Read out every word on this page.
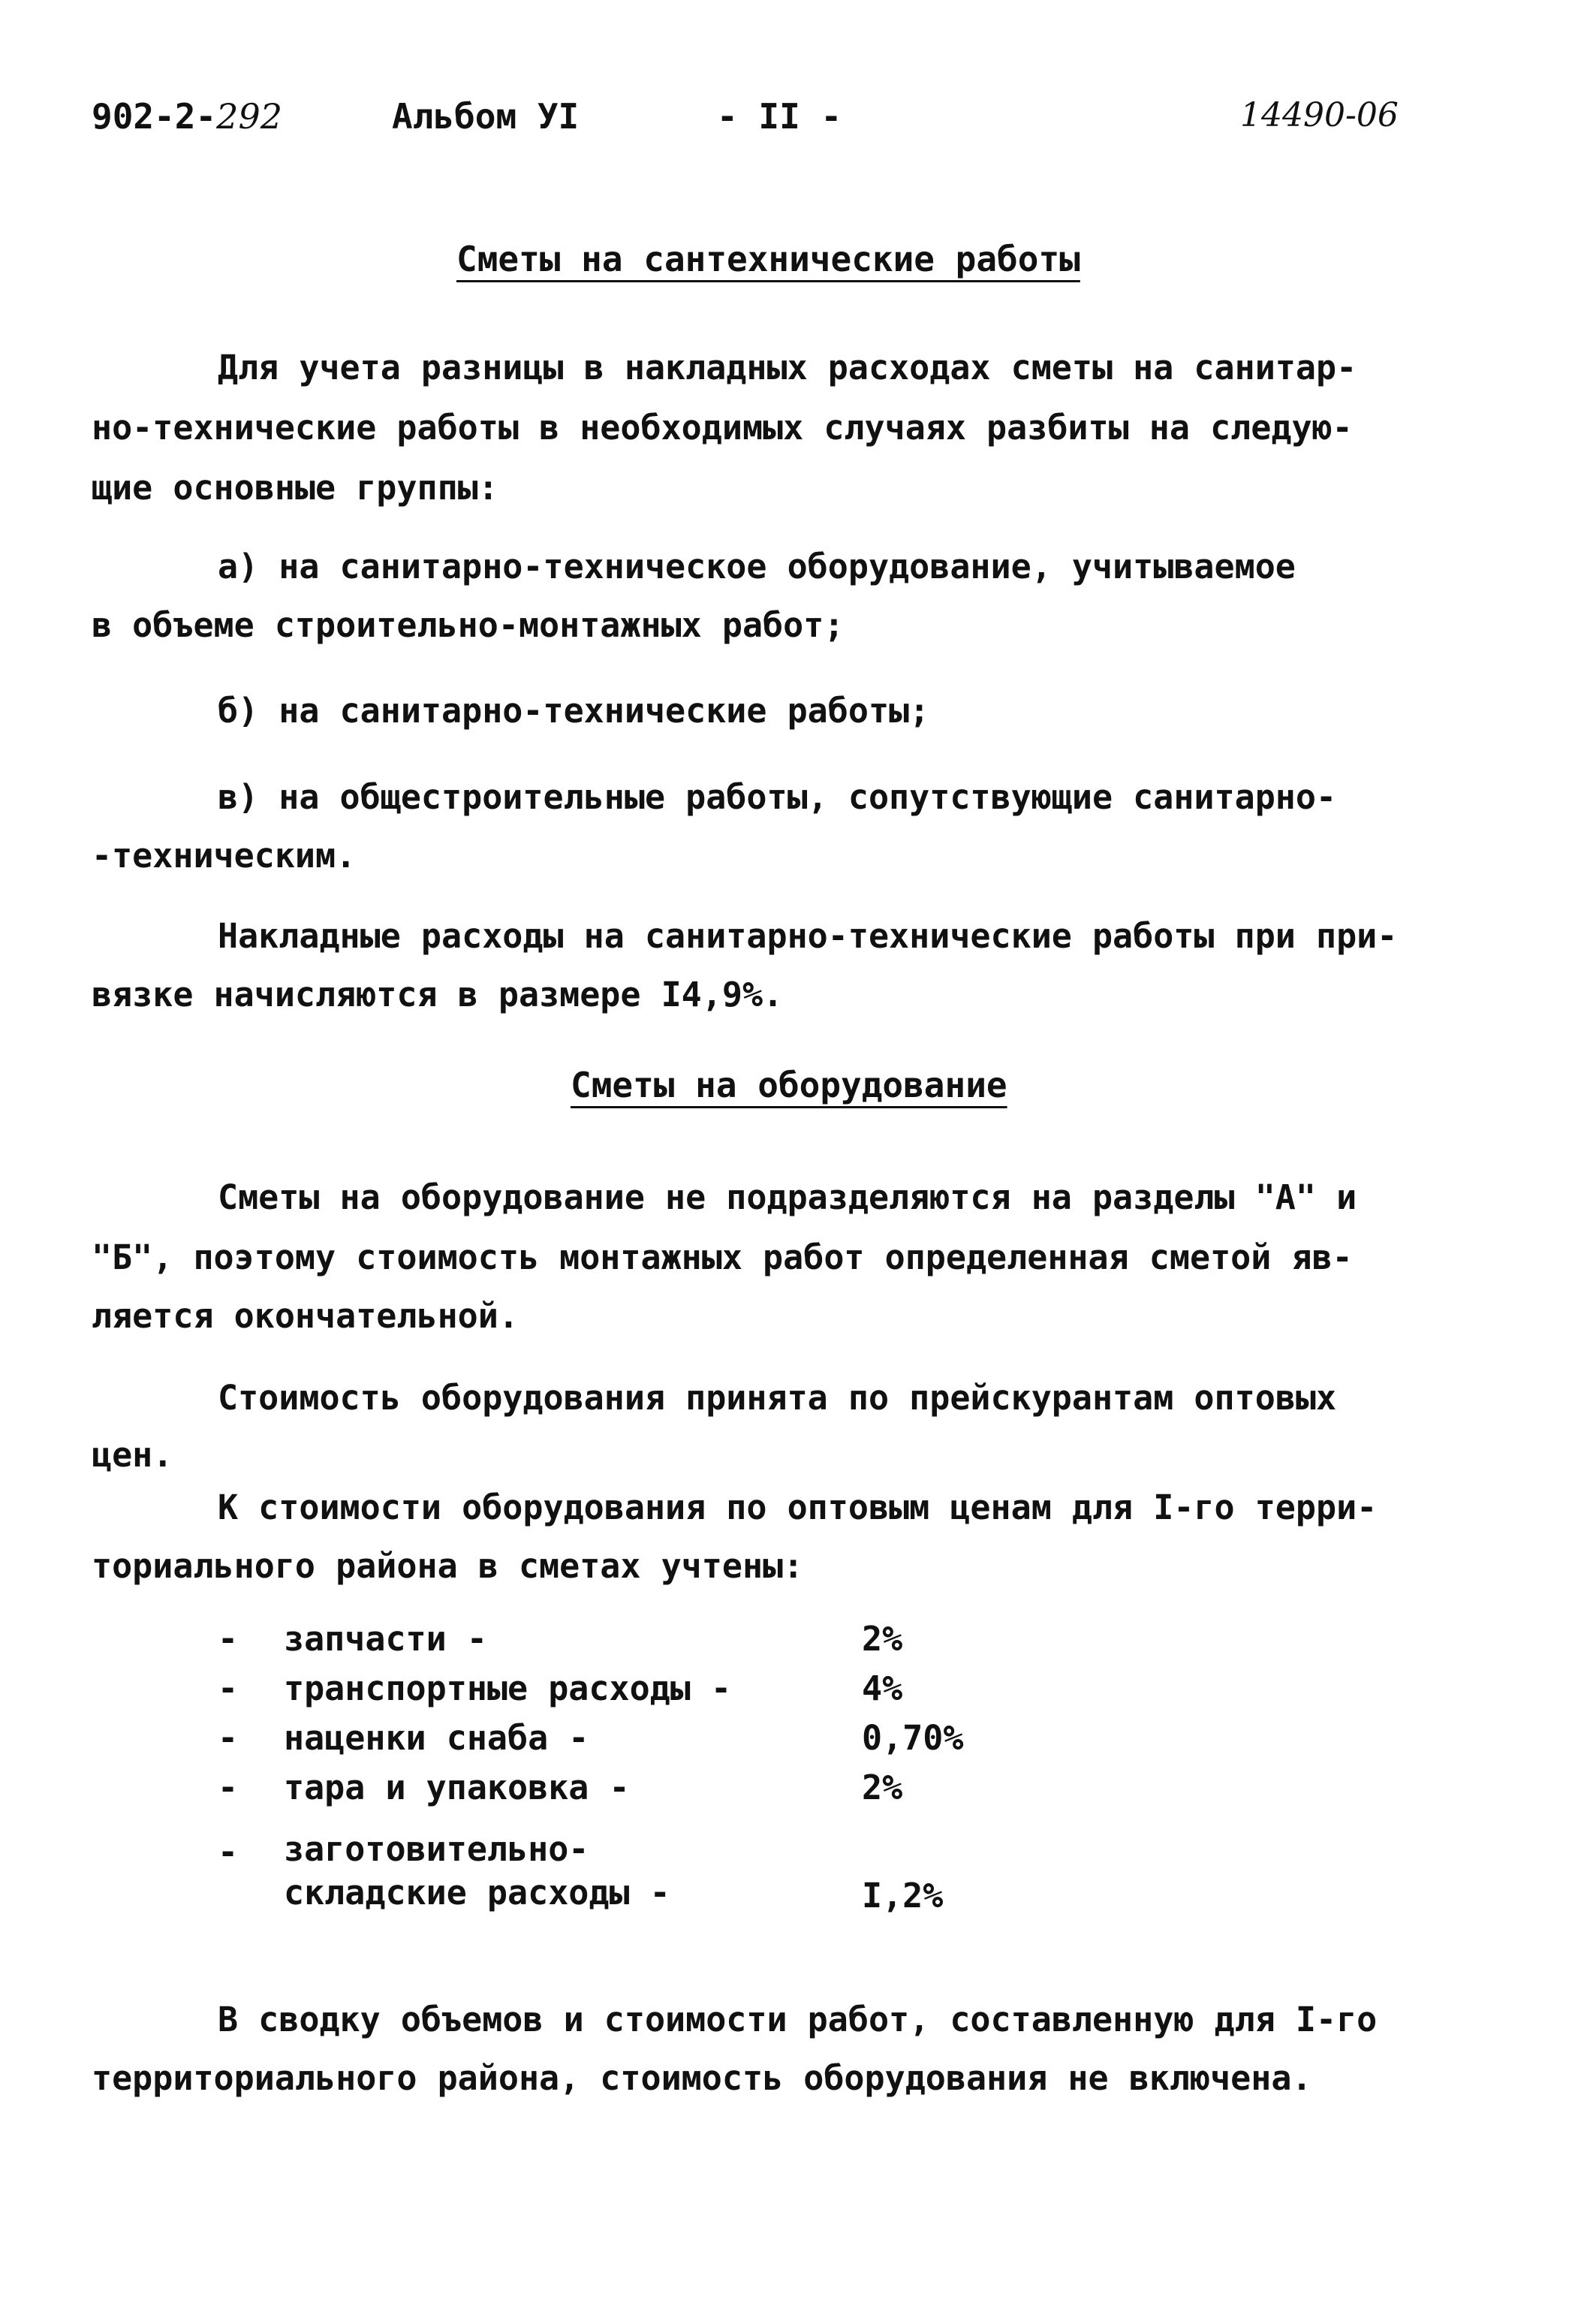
902-2-292	Альбом УI	- II -	14490-06
Сметы на сантехнические работы
Для учета разницы в накладных расходах сметы на санитар-
но-технические работы в необходимых случаях разбиты на следую-
щие основные группы:
а) на санитарно-техническое оборудование, учитываемое
в объеме строительно-монтажных работ;
б) на санитарно-технические работы;
в) на общестроительные работы, сопутствующие санитарно-
-техническим.
Накладные расходы на санитарно-технические работы при при-
вязке начисляются в размере I4,9%.
Сметы на оборудование
Сметы на оборудование не подразделяются на разделы "А" и
"Б", поэтому стоимость монтажных работ определенная сметой яв-
ляется окончательной.
Стоимость оборудования принята по прейскурантам оптовых
цен.
К стоимости оборудования по оптовым ценам для I-го терри-
ториального района в сметах учтены:
- запчасти -	2%
- транспортные расходы -	4%
- наценки снаба -	0,70%
- тара и упаковка -	2%
- заготовительно-
складские расходы -	I,2%
В сводку объемов и стоимости работ, составленную для I-го
территориального района, стоимость оборудования не включена.
